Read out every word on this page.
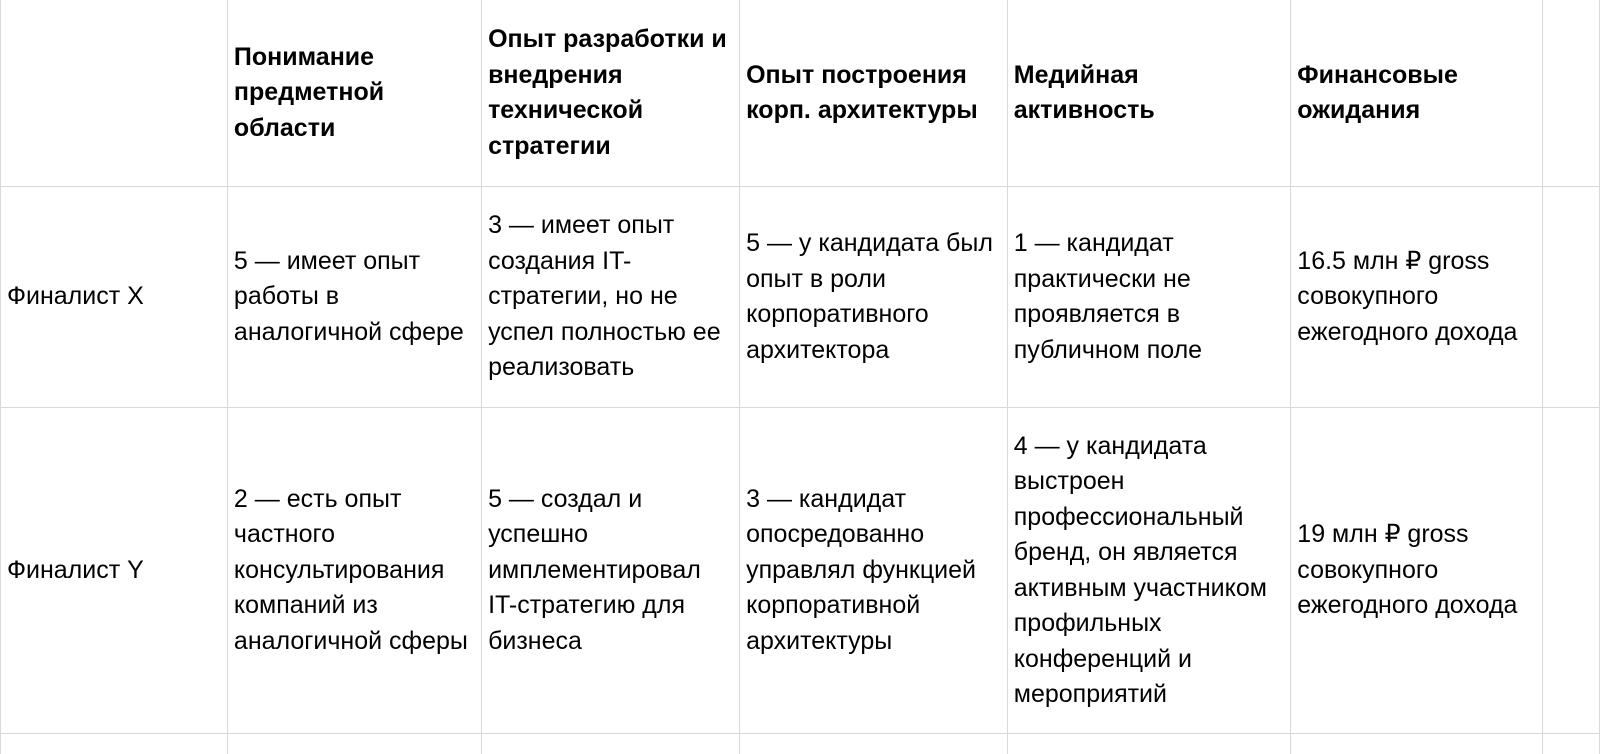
	Понимание предметной области	Опыт разработки и внедрения технической стратегии	Опыт построения корп. архитектуры	Медийная активность	Финансовые ожидания	
Финалист X	5 — имеет опыт работы в аналогичной сфере	3 — имеет опыт создания IT-стратегии, но не успел полностью ее реализовать	5 — у кандидата был опыт в роли корпоративного архитектора	1 — кандидат практически не проявляется в публичном поле	16.5 млн ₽ gross совокупного ежегодного дохода	
Финалист Y	2 — есть опыт частного консультирования компаний из аналогичной сферы	5 — создал и успешно имплементировал IT-стратегию для бизнеса	3 — кандидат опосредованно управлял функцией корпоративной архитектуры	4 — у кандидата выстроен профессиональный бренд, он является активным участником профильных конференций и мероприятий	19 млн ₽ gross совокупного ежегодного дохода	
